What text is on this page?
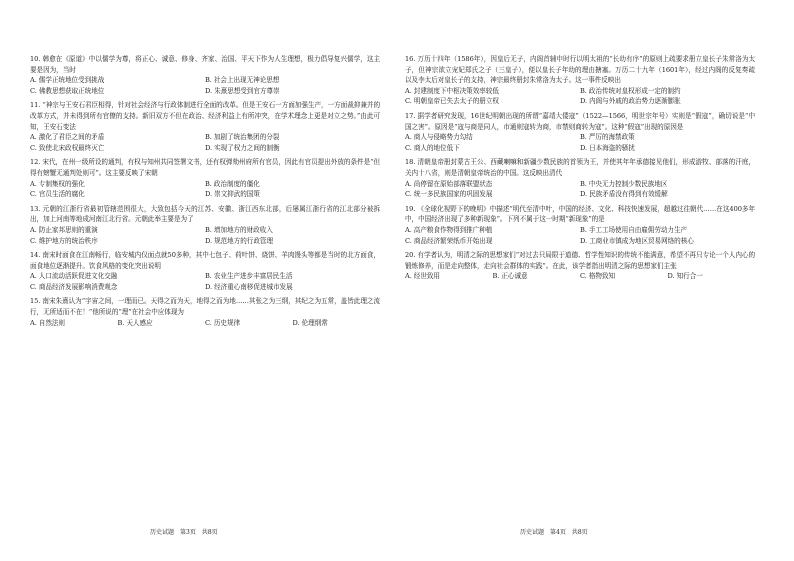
10. 韩愈在《原道》中以儒学为尊，将正心、诚意、修身、齐家、治国、平天下作为人生理想，极力倡导复兴儒学，这主要是因为，当时

A. 儒学正统地位受到挑战	B. 社会上出现无神论思想
C. 佛教思想获取正统地位	D. 朱熹思想受到官方尊崇

11. “神宗与王安石君臣相得，针对社会经济与行政体制进行全面的改革。但是王安石一方面加强生产，一方面裁抑兼并的改革方式，并未得到所有官僚的支持。新旧双方不但在政治、经济利益上有所冲突，在学术理念上更是对立之势。”由此可知，王安石变法

A. 激化了君臣之间的矛盾	B. 加剧了统治集团的分裂
C. 致使北宋政权最终灭亡	D. 实现了权力之间的制衡

12. 宋代，在州一级所设的通判，有权与知州共同签署文书，还有权弹劾州府所有官员，因此有官员提出外放的条件是“但得有螃蟹无通判处则可”。这主要反映了宋朝

A. 专制集权的强化	B. 政治制度的僵化
C. 官员生活的腐化	D. 崇文抑武的国策

13. 元朝的江浙行省最初管辖范围很大，大致包括今天的江苏、安徽、浙江西东北部，后屡属江浙行省的江北部分被拆出，加上河南等地成河南江北行省。元朝此举主要是为了

A. 防止家邦思则的重演	B. 增加地方的财政收入
C. 维护地方的统治秩序	D. 规范地方的行政管理

14. 南宋时面食在江南畅行，临安城内仅面点就50多种，其中七包子、荷叶饼、烧饼、羊肉馒头等都是当时的北方面食，面食地位逐渐提升。饮食风格的变化突出说明

A. 人口流动活跃促进文化交融	B. 农业生产进步丰富居民生活
C. 商品经济发展影响消费观念	D. 经济重心南移促进城市发展

15. 南宋朱熹认为“宇宙之间，一理而已。天得之而为天，地得之而为地……其张之为三纲，其纪之为五常，盖皆此理之流行，无所适而不在！”他所说的“理”在社会中应体现为

A. 自然法则	B. 天人感应	C. 历史规律	D. 伦理纲常

16. 万历十四年（1586年），因皇后无子，内阁首辅申时行以明太祖的“长幼有序”的原则上疏要求册立皇长子朱常洛为太子，但神宗欲立宠妃郑氏之子（三皇子），便以皇长子年幼的理由搪塞。万历二十九年（1601年），经过内阁的反复奏疏以及李太后对皇长子的支持，神宗最终册封朱常洛为太子。这一事件反映出

A. 封建制度下中枢决策效率较低	B. 政治传统对皇权形成一定的制约
C. 明朝皇帝已失去太子的册立权	D. 内阁与外戚的政治势力逐渐膨胀

17. 据学者研究发现，16世纪明朝出现的所谓“嘉靖大倭寇”（1522—1566，明世宗年号）实则是“假寇”，确切说是“中国之害”。原因是“寇与商是同人，市通则寇转为商，市禁则商转为寇”。这种“假寇”出现的原因是

A. 商人与侵略势力勾结	B. 严厉的海禁政策
C. 商人的地位低下	D. 日本海盗的骚扰

18. 清朝皇帝册封蒙古王公、西藏喇嘛和新疆少数民族的首领为王，并使其年年承德接见他们，形成游牧、部落的汗庭，关内十八省，则是清朝皇帝统治的中国。这反映出清代

A. 尚停留在原始部落联盟状态	B. 中央无力控制少数民族地区
C. 统一多民族国家的巩固发展	D. 民族矛盾没有得到有效缓解

19. 《全球化视野下的晚明》中描述“明代至清中叶，中国的经济、文化、科技快速发展，超越过往朝代……在这400多年中，中国经济出现了多种新现象”。下列不属于这一时期“新现象”的是

A. 高产粮食作物得到推广种植	B. 手工工场使用自由雇佣劳动力生产
C. 商品经济繁荣纸币开始出现	D. 工商业市镇成为地区贸易网络的核心

20. 有学者认为，明清之际的思想家们“对过去只局限于道德、哲学性知识的传统不能满意，希望不再只专论一个人内心的锻炼修养，而是走向整体，走向社会群体的实践”。在此，该学者指出明清之际的思想家们主张

A. 经世致用	B. 正心诚意	C. 格物致知	D. 知行合一
历史试题　第3页　共8页	历史试题　第4页　共8页
